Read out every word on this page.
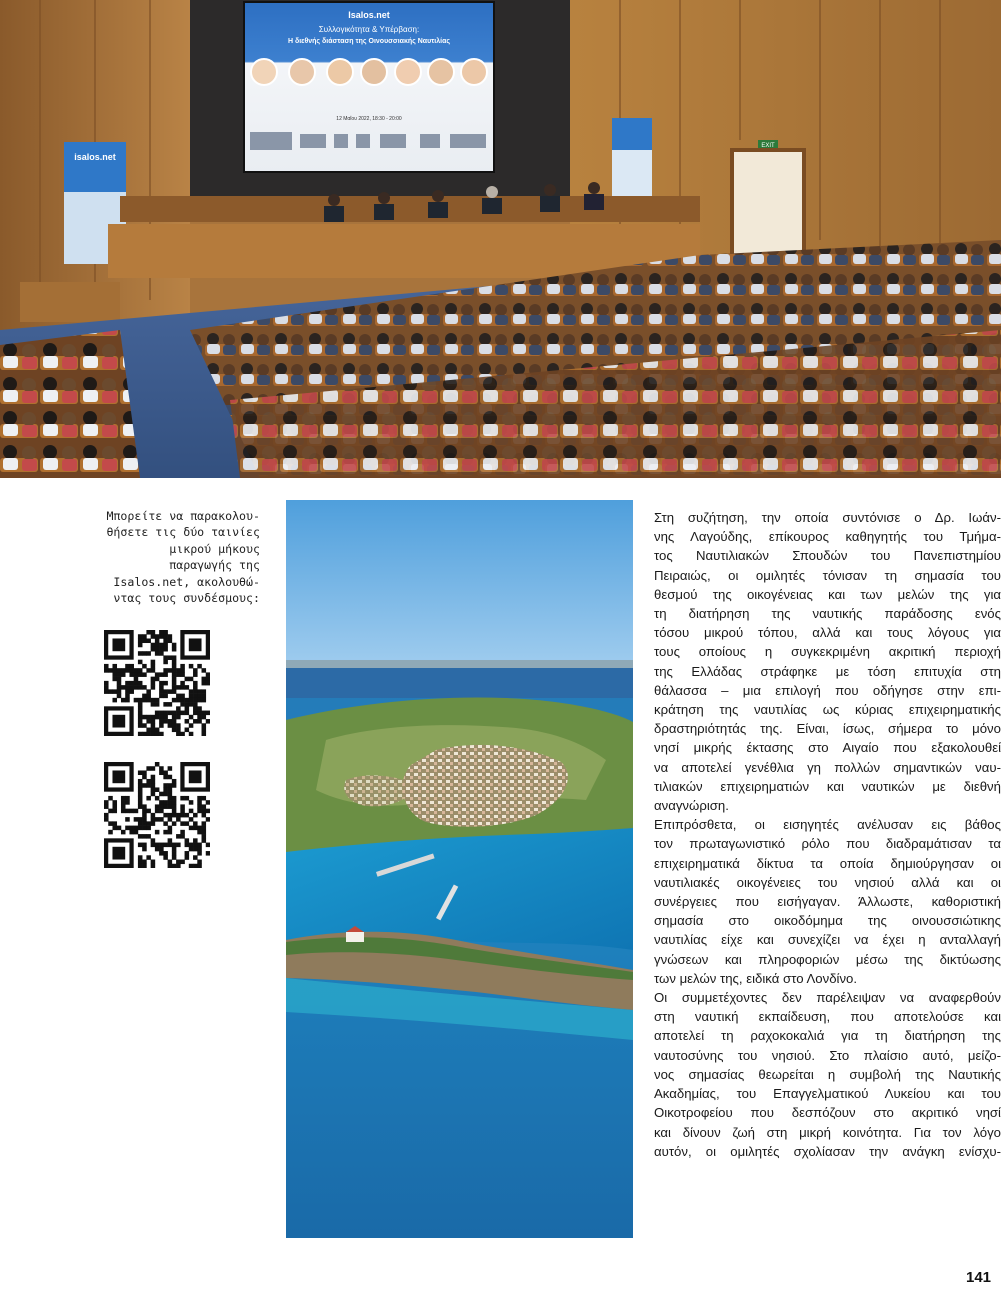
Isalos.net
Συλλογικότητα & Υπέρβαση:
Η διεθνής διάσταση της Οινουσσιακής Ναυτιλίας
12 Μαΐου 2022, 18:30 - 20:00
isalos.net
EXIT
Μπορείτε να παρακολου-
θήσετε τις δύο ταινίες
μικρού μήκους
παραγωγής της
Isalos.net, ακολουθώ-
ντας τους συνδέσμους:
Στη συζήτηση, την οποία συντόνισε ο Δρ. Ιωάν-
νης Λαγούδης, επίκουρος καθηγητής του Τμήμα-
τος Ναυτιλιακών Σπουδών του Πανεπιστημίου
Πειραιώς, οι ομιλητές τόνισαν τη σημασία του
θεσμού της οικογένειας και των μελών της για
τη διατήρηση της ναυτικής παράδοσης ενός
τόσου μικρού τόπου, αλλά και τους λόγους για
τους οποίους η συγκεκριμένη ακριτική περιοχή
της Ελλάδας στράφηκε με τόση επιτυχία στη
θάλασσα – μια επιλογή που οδήγησε στην επι-
κράτηση της ναυτιλίας ως κύριας επιχειρηματικής
δραστηριότητάς της. Είναι, ίσως, σήμερα το μόνο
νησί μικρής έκτασης στο Αιγαίο που εξακολουθεί
να αποτελεί γενέθλια γη πολλών σημαντικών ναυ-
τιλιακών επιχειρηματιών και ναυτικών με διεθνή
αναγνώριση.
Επιπρόσθετα, οι εισηγητές ανέλυσαν εις βάθος
τον πρωταγωνιστικό ρόλο που διαδραμάτισαν τα
επιχειρηματικά δίκτυα τα οποία δημιούργησαν οι
ναυτιλιακές οικογένειες του νησιού αλλά και οι
συνέργειες που εισήγαγαν. Άλλωστε, καθοριστική
σημασία στο οικοδόμημα της οινουσσιώτικης
ναυτιλίας είχε και συνεχίζει να έχει η ανταλλαγή
γνώσεων και πληροφοριών μέσω της δικτύωσης
των μελών της, ειδικά στο Λονδίνο.
Οι συμμετέχοντες δεν παρέλειψαν να αναφερθούν
στη ναυτική εκπαίδευση, που αποτελούσε και
αποτελεί τη ραχοκοκαλιά για τη διατήρηση της
ναυτοσύνης του νησιού. Στο πλαίσιο αυτό, μείζο-
νος σημασίας θεωρείται η συμβολή της Ναυτικής
Ακαδημίας, του Επαγγελματικού Λυκείου και του
Οικοτροφείου που δεσπόζουν στο ακριτικό νησί
και δίνουν ζωή στη μικρή κοινότητα. Για τον λόγο
αυτόν, οι ομιλητές σχολίασαν την ανάγκη ενίσχυ-
141
